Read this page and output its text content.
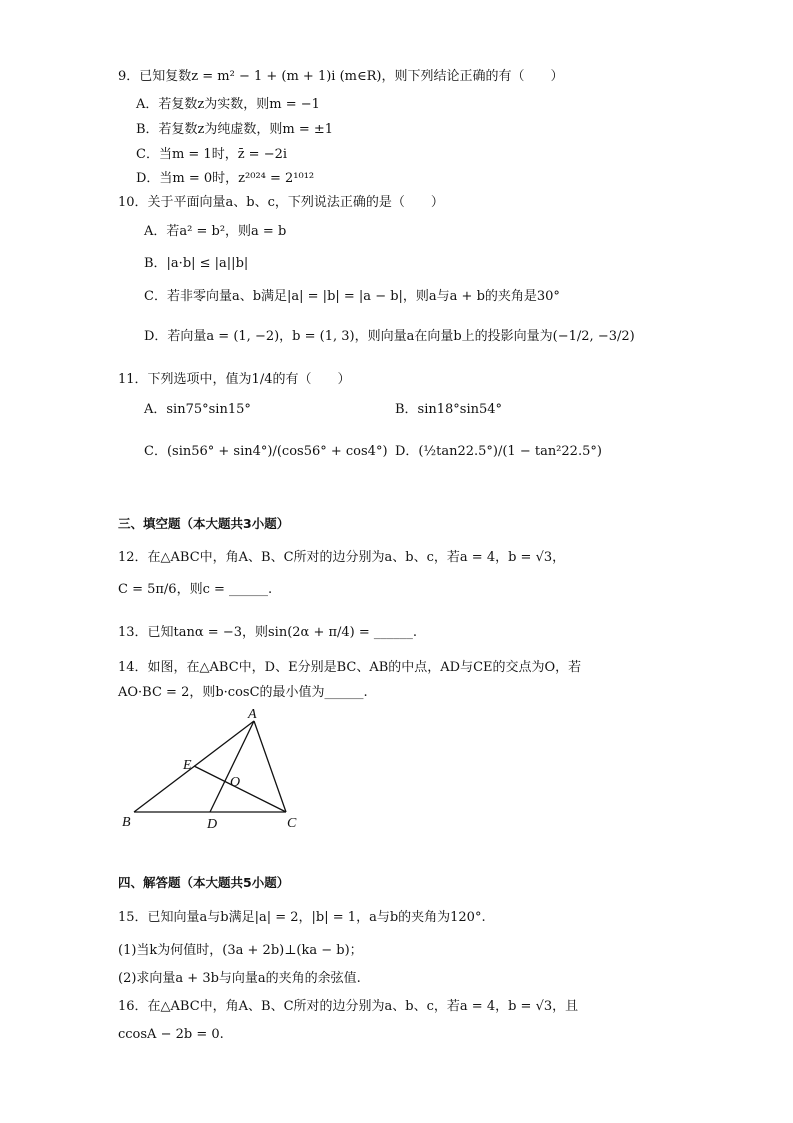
9．已知复数z = m² − 1 + (m + 1)i (m∈R)，则下列结论正确的有（　　）
A．若复数z为实数，则m = −1
B．若复数z为纯虚数，则m = ±1
C．当m = 1时，z̄ = −2i
D．当m = 0时，z²⁰²⁴ = 2¹⁰¹²
10．关于平面向量a、b、c，下列说法正确的是（　　）
A．若a² = b²，则a = b
B．|a·b| ≤ |a||b|
C．若非零向量a、b满足|a| = |b| = |a − b|，则a与a + b的夹角是30°
D．若向量a = (1, −2)，b = (1, 3)，则向量a在向量b上的投影向量为(−1/2, −3/2)
11．下列选项中，值为1/4的有（　　）
A．sin75°sin15°	B．sin18°sin54°
C．(sin56° + sin4°)/(cos56° + cos4°) D．(½tan22.5°)/(1 − tan²22.5°)
三、填空题（本大题共3小题）
12．在△ABC中，角A、B、C所对的边分别为a、b、c，若a = 4，b = √3，
C = 5π/6，则c = ______.
13．已知tanα = −3，则sin(2α + π/4) = ______.
14．如图，在△ABC中，D、E分别是BC、AB的中点，AD与CE的交点为O，若
AO·BC = 2，则b·cosC的最小值为______.
A
B	C
D
E
O
四、解答题（本大题共5小题）
15．已知向量a与b满足|a| = 2，|b| = 1，a与b的夹角为120°.
(1)当k为何值时，(3a + 2b)⊥(ka − b)；
(2)求向量a + 3b与向量a的夹角的余弦值.
16．在△ABC中，角A、B、C所对的边分别为a、b、c，若a = 4，b = √3，且
ccosA − 2b = 0.
